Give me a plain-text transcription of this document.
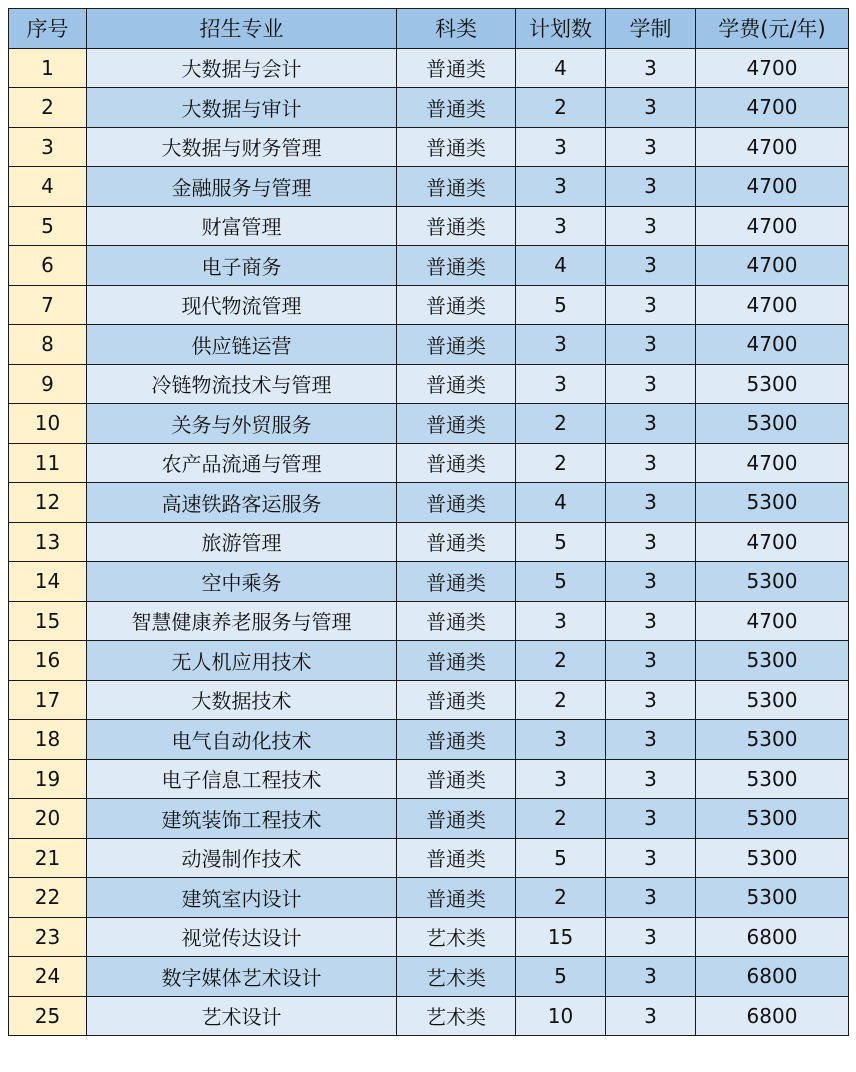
序号	招生专业	科类	计划数	学制	学费(元/年)
1	大数据与会计	普通类	4	3	4700
2	大数据与审计	普通类	2	3	4700
3	大数据与财务管理	普通类	3	3	4700
4	金融服务与管理	普通类	3	3	4700
5	财富管理	普通类	3	3	4700
6	电子商务	普通类	4	3	4700
7	现代物流管理	普通类	5	3	4700
8	供应链运营	普通类	3	3	4700
9	冷链物流技术与管理	普通类	3	3	5300
10	关务与外贸服务	普通类	2	3	5300
11	农产品流通与管理	普通类	2	3	4700
12	高速铁路客运服务	普通类	4	3	5300
13	旅游管理	普通类	5	3	4700
14	空中乘务	普通类	5	3	5300
15	智慧健康养老服务与管理	普通类	3	3	4700
16	无人机应用技术	普通类	2	3	5300
17	大数据技术	普通类	2	3	5300
18	电气自动化技术	普通类	3	3	5300
19	电子信息工程技术	普通类	3	3	5300
20	建筑装饰工程技术	普通类	2	3	5300
21	动漫制作技术	普通类	5	3	5300
22	建筑室内设计	普通类	2	3	5300
23	视觉传达设计	艺术类	15	3	6800
24	数字媒体艺术设计	艺术类	5	3	6800
25	艺术设计	艺术类	10	3	6800
